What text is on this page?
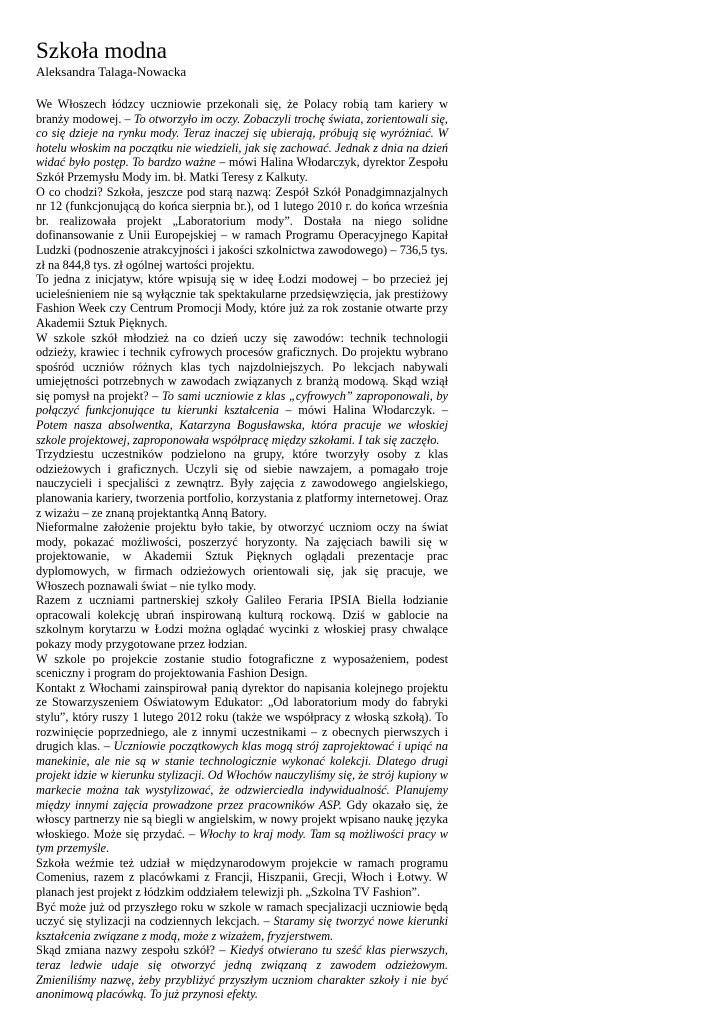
Szkoła modna
Aleksandra Talaga-Nowacka

We Włoszech łódzcy uczniowie przekonali się, że Polacy robią tam kariery w branży modowej. – To otworzyło im oczy. Zobaczyli trochę świata, zorientowali się, co się dzieje na rynku mody. Teraz inaczej się ubierają, próbują się wyróżniać. W hotelu włoskim na początku nie wiedzieli, jak się zachować. Jednak z dnia na dzień widać było postęp. To bardzo ważne – mówi Halina Włodarczyk, dyrektor Zespołu Szkół Przemysłu Mody im. bł. Matki Teresy z Kalkuty.

O co chodzi? Szkoła, jeszcze pod starą nazwą: Zespół Szkół Ponadgimnazjalnych nr 12 (funkcjonującą do końca sierpnia br.), od 1 lutego 2010 r. do końca września br. realizowała projekt „Laboratorium mody”. Dostała na niego solidne dofinansowanie z Unii Europejskiej – w ramach Programu Operacyjnego Kapitał Ludzki (podnoszenie atrakcyjności i jakości szkolnictwa zawodowego) – 736,5 tys. zł na 844,8 tys. zł ogólnej wartości projektu.

To jedna z inicjatyw, które wpisują się w ideę Łodzi modowej – bo przecież jej ucieleśnieniem nie są wyłącznie tak spektakularne przedsięwzięcia, jak prestiżowy Fashion Week czy Centrum Promocji Mody, które już za rok zostanie otwarte przy Akademii Sztuk Pięknych.

W szkole szkół młodzież na co dzień uczy się zawodów: technik technologii odzieży, krawiec i technik cyfrowych procesów graficznych. Do projektu wybrano spośród uczniów różnych klas tych najzdolniejszych. Po lekcjach nabywali umiejętności potrzebnych w zawodach związanych z branżą modową. Skąd wziął się pomysł na projekt? – To sami uczniowie z klas „cyfrowych” zaproponowali, by połączyć funkcjonujące tu kierunki kształcenia – mówi Halina Włodarczyk. – Potem nasza absolwentka, Katarzyna Bogusławska, która pracuje we włoskiej szkole projektowej, zaproponowała współpracę między szkołami. I tak się zaczęło.

Trzydziestu uczestników podzielono na grupy, które tworzyły osoby z klas odzieżowych i graficznych. Uczyli się od siebie nawzajem, a pomagało troje nauczycieli i specjaliści z zewnątrz. Były zajęcia z zawodowego angielskiego, planowania kariery, tworzenia portfolio, korzystania z platformy internetowej. Oraz z wizażu – ze znaną projektantką Anną Batory.

Nieformalne założenie projektu było takie, by otworzyć uczniom oczy na świat mody, pokazać możliwości, poszerzyć horyzonty. Na zajęciach bawili się w projektowanie, w Akademii Sztuk Pięknych oglądali prezentacje prac dyplomowych, w firmach odzieżowych orientowali się, jak się pracuje, we Włoszech poznawali świat – nie tylko mody.

Razem z uczniami partnerskiej szkoły Galileo Feraria IPSIA Biella łodzianie opracowali kolekcję ubrań inspirowaną kulturą rockową. Dziś w gablocie na szkolnym korytarzu w Łodzi można oglądać wycinki z włoskiej prasy chwalące pokazy mody przygotowane przez łodzian.

W szkole po projekcie zostanie studio fotograficzne z wyposażeniem, podest sceniczny i program do projektowania Fashion Design.

Kontakt z Włochami zainspirował panią dyrektor do napisania kolejnego projektu ze Stowarzyszeniem Oświatowym Edukator: „Od laboratorium mody do fabryki stylu”, który ruszy 1 lutego 2012 roku (także we współpracy z włoską szkołą). To rozwinięcie poprzedniego, ale z innymi uczestnikami – z obecnych pierwszych i drugich klas. – Uczniowie początkowych klas mogą strój zaprojektować i upiąć na manekinie, ale nie są w stanie technologicznie wykonać kolekcji. Dlatego drugi projekt idzie w kierunku stylizacji. Od Włochów nauczyliśmy się, że strój kupiony w markecie można tak wystylizować, że odzwierciedla indywidualność. Planujemy między innymi zajęcia prowadzone przez pracowników ASP. Gdy okazało się, że włoscy partnerzy nie są biegli w angielskim, w nowy projekt wpisano naukę języka włoskiego. Może się przydać. – Włochy to kraj mody. Tam są możliwości pracy w tym przemyśle.

Szkoła weźmie też udział w międzynarodowym projekcie w ramach programu Comenius, razem z placówkami z Francji, Hiszpanii, Grecji, Włoch i Łotwy. W planach jest projekt z łódzkim oddziałem telewizji ph. „Szkolna TV Fashion”.

Być może już od przyszłego roku w szkole w ramach specjalizacji uczniowie będą uczyć się stylizacji na codziennych lekcjach. – Staramy się tworzyć nowe kierunki kształcenia związane z modą, może z wizażem, fryzjerstwem.

Skąd zmiana nazwy zespołu szkół? – Kiedyś otwierano tu sześć klas pierwszych, teraz ledwie udaje się otworzyć jedną związaną z zawodem odzieżowym. Zmieniliśmy nazwę, żeby przybliżyć przyszłym uczniom charakter szkoły i nie być anonimową placówką. To już przynosi efekty.
